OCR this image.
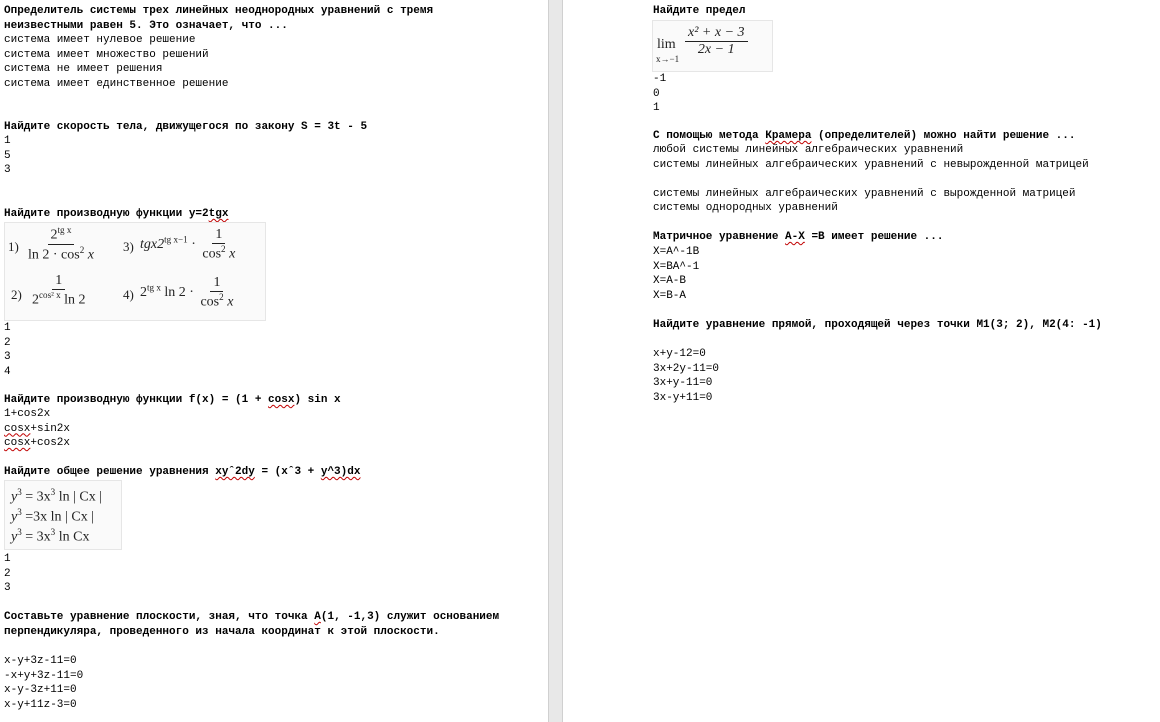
Определитель системы трех линейных неоднородных уравнений с тремя неизвестными равен 5. Это означает, что ...

система имеет нулевое решение
система имеет множество решений
система не имеет решения
система имеет единственное решение

Найдите скорость тела, движущегося по закону S = 3t - 5

1
5
3

Найдите производную функции y=2tgx

$1) \frac{2^{tg x}}{\ln 2 \cdot \cos^2 x} 3$) $tgx2^{tg x-1} \cdot \frac{1}{\cos^2 x}$
$2) \frac{1}{2^{cos^2 x} \ln 2}$	4) $2^{tg x}$ $\ln 2 \cdot \frac{1}{\cos^2 x}$
1
2
3
4

Найдите производную функции f(x) = (1 + cosx) sin x

1+cos2x
cosx+sin2x
cosx+cos2x

Найдите общее решение уравнения xyˆ2dy = (xˆ3 + y^3)dx

$y^3 = 3x^3$ ln | Cx |
$y^3 =3x$ ln | Cx |
$y^3 = 3x^3$ ln Cx
1
2
3

Составьте уравнение плоскости, зная, что точка A(1, -1,3) служит основанием перпендикуляра, проведенного из начала координат к этой плоскости.

x-y+3z-11=0
-x+y+3z-11=0
x-y-3z+11=0
x-y+11z-3=0

Найдите предел

lim
x→−1
$\frac{\text{x² + x − 3}}{2x - 1}$
-1
0
1

С помощью метода Крамера (определителей) можно найти решение ...

любой системы линейных алгебраических уравнений
системы линейных алгебраических уравнений с невырожденной матрицей
системы линейных алгебраических уравнений с вырожденной матрицей
системы однородных уравнений

Матричное уравнение A-X =B имеет решение ...

X=A^-1B
X=BA^-1
X=A-B
X=B-A

Найдите уравнение прямой, проходящей через точки M1(3; 2), M2(4: -1)

x+y-12=0
3x+2y-11=0
3x+y-11=0
3x-y+11=0
